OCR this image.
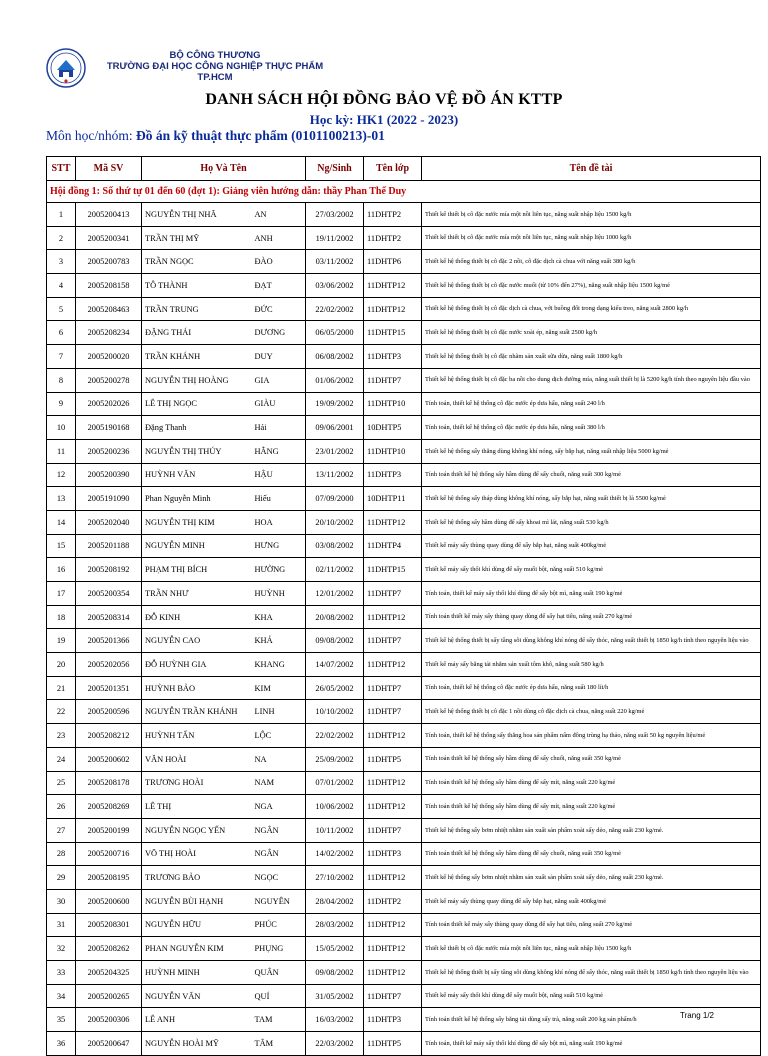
BỘ CÔNG THƯƠNG
TRƯỜNG ĐẠI HỌC CÔNG NGHIỆP THỰC PHẨM TP.HCM
DANH SÁCH HỘI ĐỒNG BẢO VỆ ĐỒ ÁN KTTP
Học kỳ: HK1 (2022 - 2023)
Môn học/nhóm: Đồ án kỹ thuật thực phẩm (0101100213)-01
STT	Mã SV	Họ Và Tên		Ng/Sinh	Tên lớp	Tên đề tài
Hội đồng 1: Số thứ tự 01 đến 60 (đợt 1): Giảng viên hướng dẫn: thầy Phan Thế Duy						
1	2005200413	NGUYỄN THỊ NHÃ	AN	27/03/2002	11DHTP2	Thiết kế thiết bị cô đặc nước mía một nồi liên tục, năng suất nhập liệu 1500 kg/h
2	2005200341	TRẦN THỊ MỸ	ANH	19/11/2002	11DHTP2	Thiết kế thiết bị cô đặc nước mía một nồi liên tục, năng suất nhập liệu 1000 kg/h
3	2005200783	TRẦN NGỌC	ĐÀO	03/11/2002	11DHTP6	Thiết kế hệ thống thiết bị cô đặc 2 nồi, cô đặc dịch cà chua với năng suất 380 kg/h
4	2005208158	TÔ THÀNH	ĐẠT	03/06/2002	11DHTP12	Thiết kế hệ thống thiết bị cô đặc nước muối (từ 10% đến 27%), năng suất nhập liệu 1500 kg/mẻ
5	2005208463	TRẦN TRUNG	ĐỨC	22/02/2002	11DHTP12	Thiết kế hệ thống thiết bị cô đặc dịch cà chua, với buồng đốt trong dạng kiểu treo, năng suất 2800 kg/h
6	2005208234	ĐẶNG THÁI	DƯƠNG	06/05/2000	11DHTP15	Thiết kế hệ thống thiết bị cô đặc nước xoài ép, năng suất 2500 kg/h
7	2005200020	TRẦN KHÁNH	DUY	06/08/2002	11DHTP3	Thiết kế hệ thống thiết bị cô đặc nhãm sản xuất sữa dừa, năng suất 1800 kg/h
8	2005200278	NGUYỄN THỊ HOÀNG	GIA	01/06/2002	11DHTP7	Thiết kế hệ thống thiết bị cô đặc ba nồi cho dung dịch đường mía, năng suất thiết bị là 5200 kg/h tính theo nguyên liệu đầu vào
9	2005202026	LÊ THỊ NGỌC	GIÀU	19/09/2002	11DHTP10	Tính toán, thiết kế hệ thống cô đặc nước ép dưa hấu, năng suất 240 l/h
10	2005190168	Đặng Thanh	Hải	09/06/2001	10DHTP5	Tính toán, thiết kế hệ thống cô đặc nước ép dưa hấu, năng suất 380 l/h
11	2005200236	NGUYỄN THỊ THÚY	HẰNG	23/01/2002	11DHTP10	Thiết kế hệ thống sấy thăng dùng không khí nóng, sấy bắp hạt, năng suất nhập liệu 5000 kg/mẻ
12	2005200390	HUỲNH VĂN	HẬU	13/11/2002	11DHTP3	Tính toán thiết kế hệ thống sấy hầm dùng để sấy chuối, năng suất 300 kg/mẻ
13	2005191090	Phan Nguyễn Minh	Hiếu	07/09/2000	10DHTP11	Thiết kế hệ thống sấy tháp dùng không khí nóng, sấy bắp hạt, năng suất thiết bị là 5500 kg/mẻ
14	2005202040	NGUYỄN THỊ KIM	HOA	20/10/2002	11DHTP12	Thiết kế hệ thống sấy hầm dùng để sấy khoai mì lát, năng suất 530 kg/h
15	2005201188	NGUYỄN MINH	HƯNG	03/08/2002	11DHTP4	Thiết kế máy sấy thùng quay dùng để sấy bắp hạt, năng suất 400kg/mẻ
16	2005208192	PHẠM THỊ BÍCH	HƯỜNG	02/11/2002	11DHTP15	Thiết kế máy sấy thổi khí dùng để sấy muối bột, năng suất 510 kg/mẻ
17	2005200354	TRẦN NHƯ	HUỲNH	12/01/2002	11DHTP7	Tính toán, thiết kế máy sấy thổi khí dùng để sấy bột mì, năng suất 190 kg/mẻ
18	2005208314	ĐỖ KINH	KHA	20/08/2002	11DHTP12	Tính toán thiết kế máy sấy thùng quay dùng để sấy hạt tiêu, năng suất 270 kg/mẻ
19	2005201366	NGUYỄN CAO	KHẢ	09/08/2002	11DHTP7	Thiết kế hệ thống thiết bị sấy tầng sôi dùng không khí nóng để sấy thóc, năng suất thiết bị 1850 kg/h tính theo nguyên liệu vào
20	2005202056	ĐỖ HUỲNH GIA	KHANG	14/07/2002	11DHTP12	Thiết kế máy sấy băng tải nhằm sản xuất tôm khô, năng suất 580 kg/h
21	2005201351	HUỲNH BẢO	KIM	26/05/2002	11DHTP7	Tính toán, thiết kế hệ thống cô đặc nước ép dưa hấu, năng suất 180 lít/h
22	2005200596	NGUYỄN TRẦN KHÁNH	LINH	10/10/2002	11DHTP7	Thiết kế hệ thống thiết bị cô đặc 1 nồi dùng cô đặc dịch cà chua, năng suất 220 kg/mẻ
23	2005208212	HUỲNH TẤN	LỘC	22/02/2002	11DHTP12	Tính toán, thiết kế hệ thống sấy thăng hoa sản phẩm nấm đông trùng hạ thảo, năng suất 50 kg nguyên liệu/mẻ
24	2005200602	VĂN HOÀI	NA	25/09/2002	11DHTP5	Tính toán thiết kế hệ thống sấy hầm dùng để sấy chuối, năng suất 350 kg/mẻ
25	2005208178	TRƯƠNG HOÀI	NAM	07/01/2002	11DHTP12	Tính toán thiết kế hệ thống sấy hầm dùng để sấy mít, năng suất 220 kg/mẻ
26	2005208269	LÊ THỊ	NGA	10/06/2002	11DHTP12	Tính toán thiết kế hệ thống sấy hầm dùng để sấy mít, năng suất 220 kg/mẻ
27	2005200199	NGUYỄN NGỌC YẾN	NGÂN	10/11/2002	11DHTP7	Thiết kế hệ thống sấy bơm nhiệt nhằm sản xuất sản phẩm xoài sấy dẻo, năng suất 230 kg/mẻ.
28	2005200716	VÕ THỊ HOÀI	NGÂN	14/02/2002	11DHTP3	Tính toán thiết kế hệ thống sấy hầm dùng để sấy chuối, năng suất 350 kg/mẻ
29	2005208195	TRƯƠNG BẢO	NGỌC	27/10/2002	11DHTP12	Thiết kế hệ thống sấy bơm nhiệt nhằm sản xuất sản phẩm xoài sấy dẻo, năng suất 230 kg/mẻ.
30	2005200600	NGUYỄN BÙI HẠNH	NGUYÊN	28/04/2002	11DHTP2	Thiết kế máy sấy thùng quay dùng để sấy bắp hạt, năng suất 400kg/mẻ
31	2005208301	NGUYỄN HỮU	PHÚC	28/03/2002	11DHTP12	Tính toán thiết kế máy sấy thùng quay dùng để sấy hạt tiêu, năng suất 270 kg/mẻ
32	2005208262	PHAN NGUYỄN KIM	PHỤNG	15/05/2002	11DHTP12	Thiết kế thiết bị cô đặc nước mía một nồi liên tục, năng suất nhập liệu 1500 kg/h
33	2005204325	HUỲNH MINH	QUÂN	09/08/2002	11DHTP12	Thiết kế hệ thống thiết bị sấy tầng sôi dùng không khí nóng để sấy thóc, năng suất thiết bị 1850 kg/h tính theo nguyên liệu vào
34	2005200265	NGUYỄN VĂN	QUÍ	31/05/2002	11DHTP7	Thiết kế máy sấy thổi khí dùng để sấy muối bột, năng suất 510 kg/mẻ
35	2005200306	LÊ ANH	TAM	16/03/2002	11DHTP3	Tính toán thiết kế hệ thống sấy băng tải dùng sấy trà, năng suất 200 kg sản phẩm/h
36	2005200647	NGUYỄN HOÀI MỸ	TÂM	22/03/2002	11DHTP5	Tính toán, thiết kế máy sấy thổi khí dùng để sấy bột mì, năng suất 190 kg/mẻ
Trang 1/2
